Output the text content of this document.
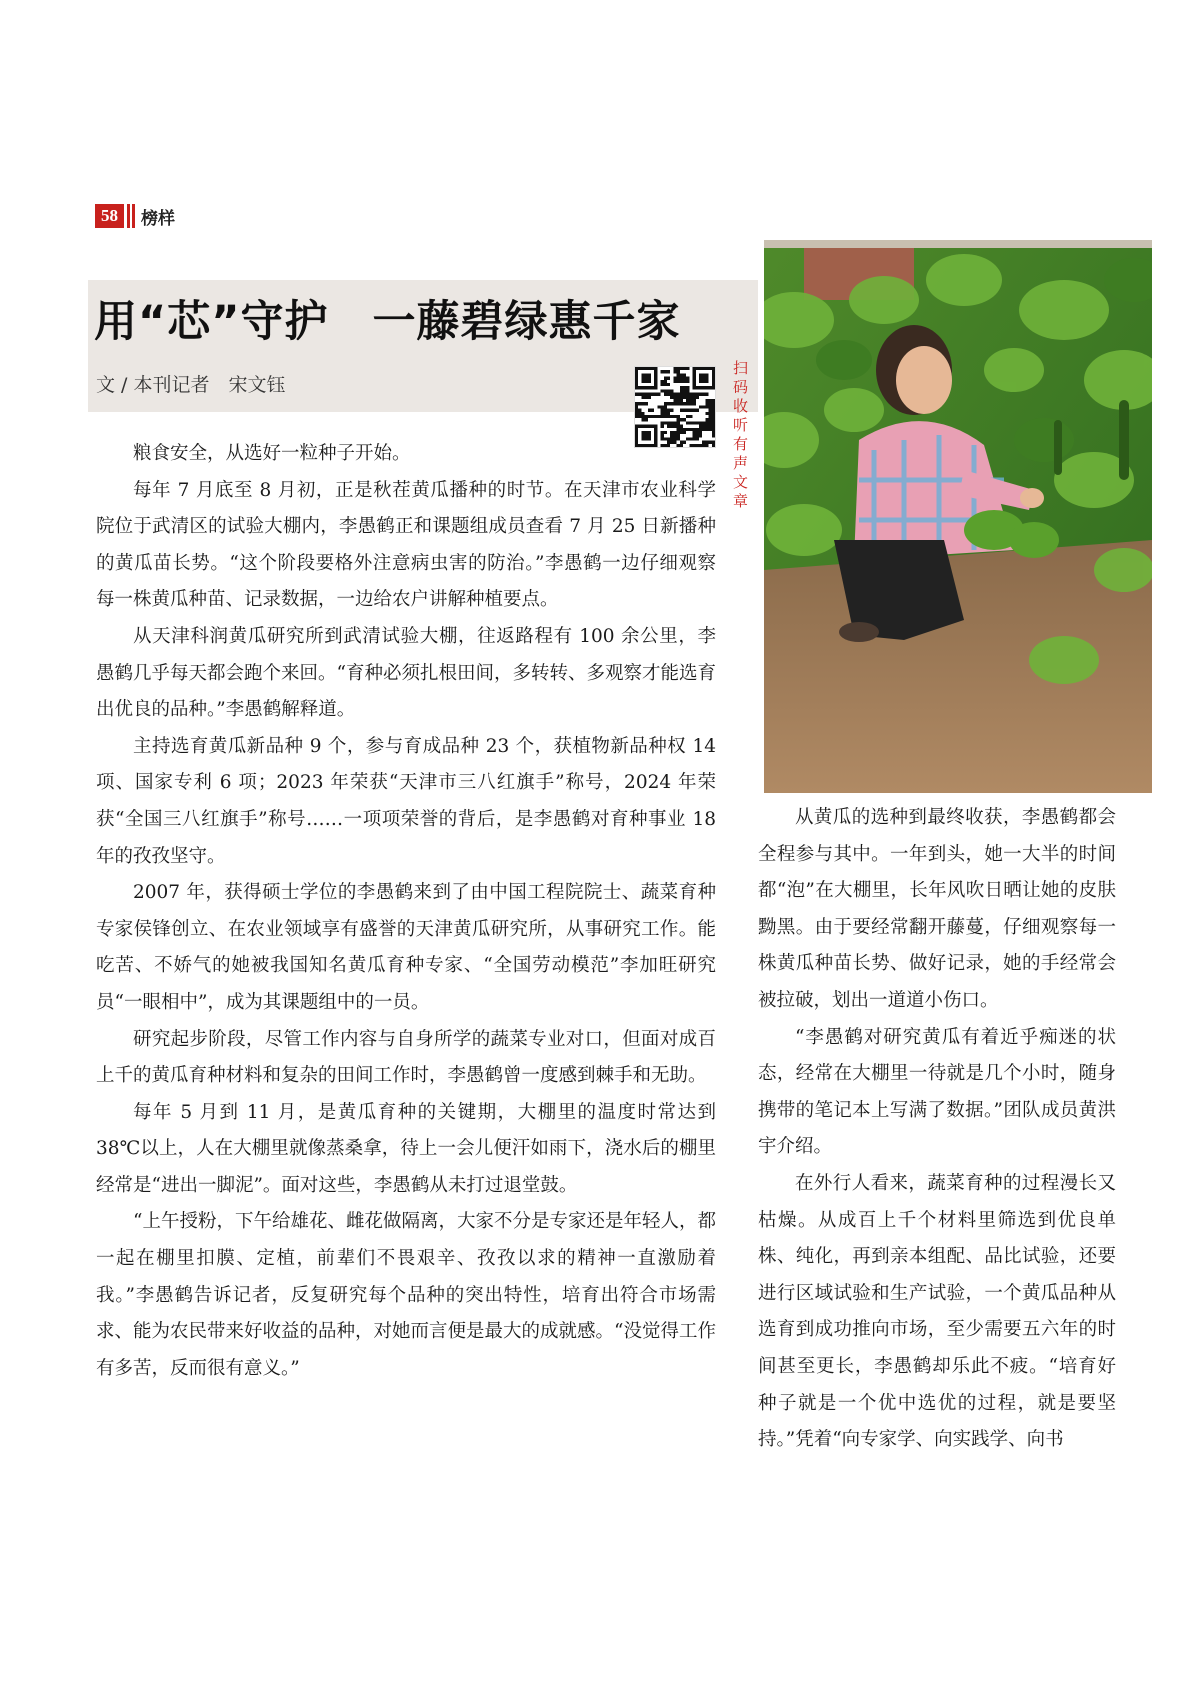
58	榜样
用“芯”守护　一藤碧绿惠千家
文 / 本刊记者　宋文钰	扫码收听有声文章

粮食安全，从选好一粒种子开始。

每年 7 月底至 8 月初，正是秋茬黄瓜播种的时节。在天津市农业科学院位于武清区的试验大棚内，李愚鹤正和课题组成员查看 7 月 25 日新播种的黄瓜苗长势。“这个阶段要格外注意病虫害的防治。”李愚鹤一边仔细观察每一株黄瓜种苗、记录数据，一边给农户讲解种植要点。

从天津科润黄瓜研究所到武清试验大棚，往返路程有 100 余公里，李愚鹤几乎每天都会跑个来回。“育种必须扎根田间，多转转、多观察才能选育出优良的品种。”李愚鹤解释道。

主持选育黄瓜新品种 9 个，参与育成品种 23 个，获植物新品种权 14 项、国家专利 6 项；2023 年荣获“天津市三八红旗手”称号，2024 年荣获“全国三八红旗手”称号……一项项荣誉的背后，是李愚鹤对育种事业 18 年的孜孜坚守。

2007 年，获得硕士学位的李愚鹤来到了由中国工程院院士、蔬菜育种专家侯锋创立、在农业领域享有盛誉的天津黄瓜研究所，从事研究工作。能吃苦、不娇气的她被我国知名黄瓜育种专家、“全国劳动模范”李加旺研究员“一眼相中”，成为其课题组中的一员。

研究起步阶段，尽管工作内容与自身所学的蔬菜专业对口，但面对成百上千的黄瓜育种材料和复杂的田间工作时，李愚鹤曾一度感到棘手和无助。

每年 5 月到 11 月，是黄瓜育种的关键期，大棚里的温度时常达到 38℃以上，人在大棚里就像蒸桑拿，待上一会儿便汗如雨下，浇水后的棚里经常是“进出一脚泥”。面对这些，李愚鹤从未打过退堂鼓。

“上午授粉，下午给雄花、雌花做隔离，大家不分是专家还是年轻人，都一起在棚里扣膜、定植，前辈们不畏艰辛、孜孜以求的精神一直激励着我。”李愚鹤告诉记者，反复研究每个品种的突出特性，培育出符合市场需求、能为农民带来好收益的品种，对她而言便是最大的成就感。“没觉得工作有多苦，反而很有意义。”

从黄瓜的选种到最终收获，李愚鹤都会全程参与其中。一年到头，她一大半的时间都“泡”在大棚里，长年风吹日晒让她的皮肤黝黑。由于要经常翻开藤蔓，仔细观察每一株黄瓜种苗长势、做好记录，她的手经常会被拉破，划出一道道小伤口。

“李愚鹤对研究黄瓜有着近乎痴迷的状态，经常在大棚里一待就是几个小时，随身携带的笔记本上写满了数据。”团队成员黄洪宇介绍。

在外行人看来，蔬菜育种的过程漫长又枯燥。从成百上千个材料里筛选到优良单株、纯化，再到亲本组配、品比试验，还要进行区域试验和生产试验，一个黄瓜品种从选育到成功推向市场，至少需要五六年的时间甚至更长，李愚鹤却乐此不疲。“培育好种子就是一个优中选优的过程，就是要坚持。”凭着“向专家学、向实践学、向书
